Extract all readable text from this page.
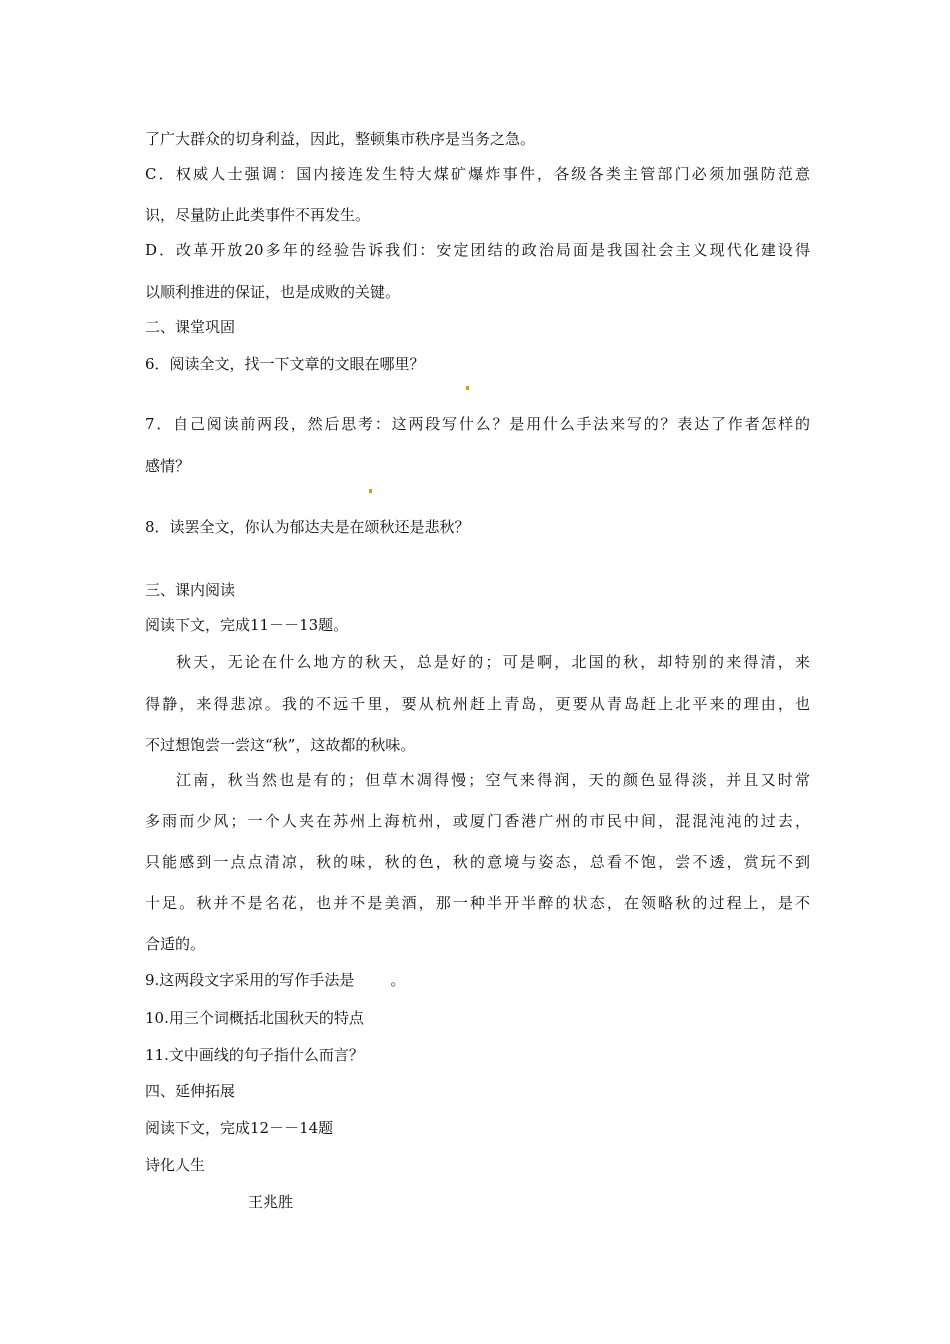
了广大群众的切身利益，因此，整顿集市秩序是当务之急。
C．权威人士强调：国内接连发生特大煤矿爆炸事件，各级各类主管部门必须加强防范意
识，尽量防止此类事件不再发生。
D．改革开放20多年的经验告诉我们：安定团结的政治局面是我国社会主义现代化建设得
以顺利推进的保证，也是成败的关键。
二、课堂巩固
6．阅读全文，找一下文章的文眼在哪里？
7．自己阅读前两段，然后思考：这两段写什么？是用什么手法来写的？表达了作者怎样的
感情？
8．读罢全文，你认为郁达夫是在颂秋还是悲秋？
三、课内阅读
阅读下文，完成11－－13题。
秋天，无论在什么地方的秋天，总是好的；可是啊，北国的秋，却特别的来得清，来
得静，来得悲凉。我的不远千里，要从杭州赶上青岛，更要从青岛赶上北平来的理由，也
不过想饱尝一尝这“秋”，这故都的秋味。
江南，秋当然也是有的；但草木凋得慢；空气来得润，天的颜色显得淡，并且又时常
多雨而少风；一个人夹在苏州上海杭州，或厦门香港广州的市民中间，混混沌沌的过去，
只能感到一点点清凉，秋的味，秋的色，秋的意境与姿态，总看不饱，尝不透，赏玩不到
十足。秋并不是名花，也并不是美酒，那一种半开半醉的状态，在领略秋的过程上，是不
合适的。
9.这两段文字采用的写作手法是 。
10.用三个词概括北国秋天的特点
11.文中画线的句子指什么而言？
四、延伸拓展
阅读下文，完成12－－14题
诗化人生
王兆胜
